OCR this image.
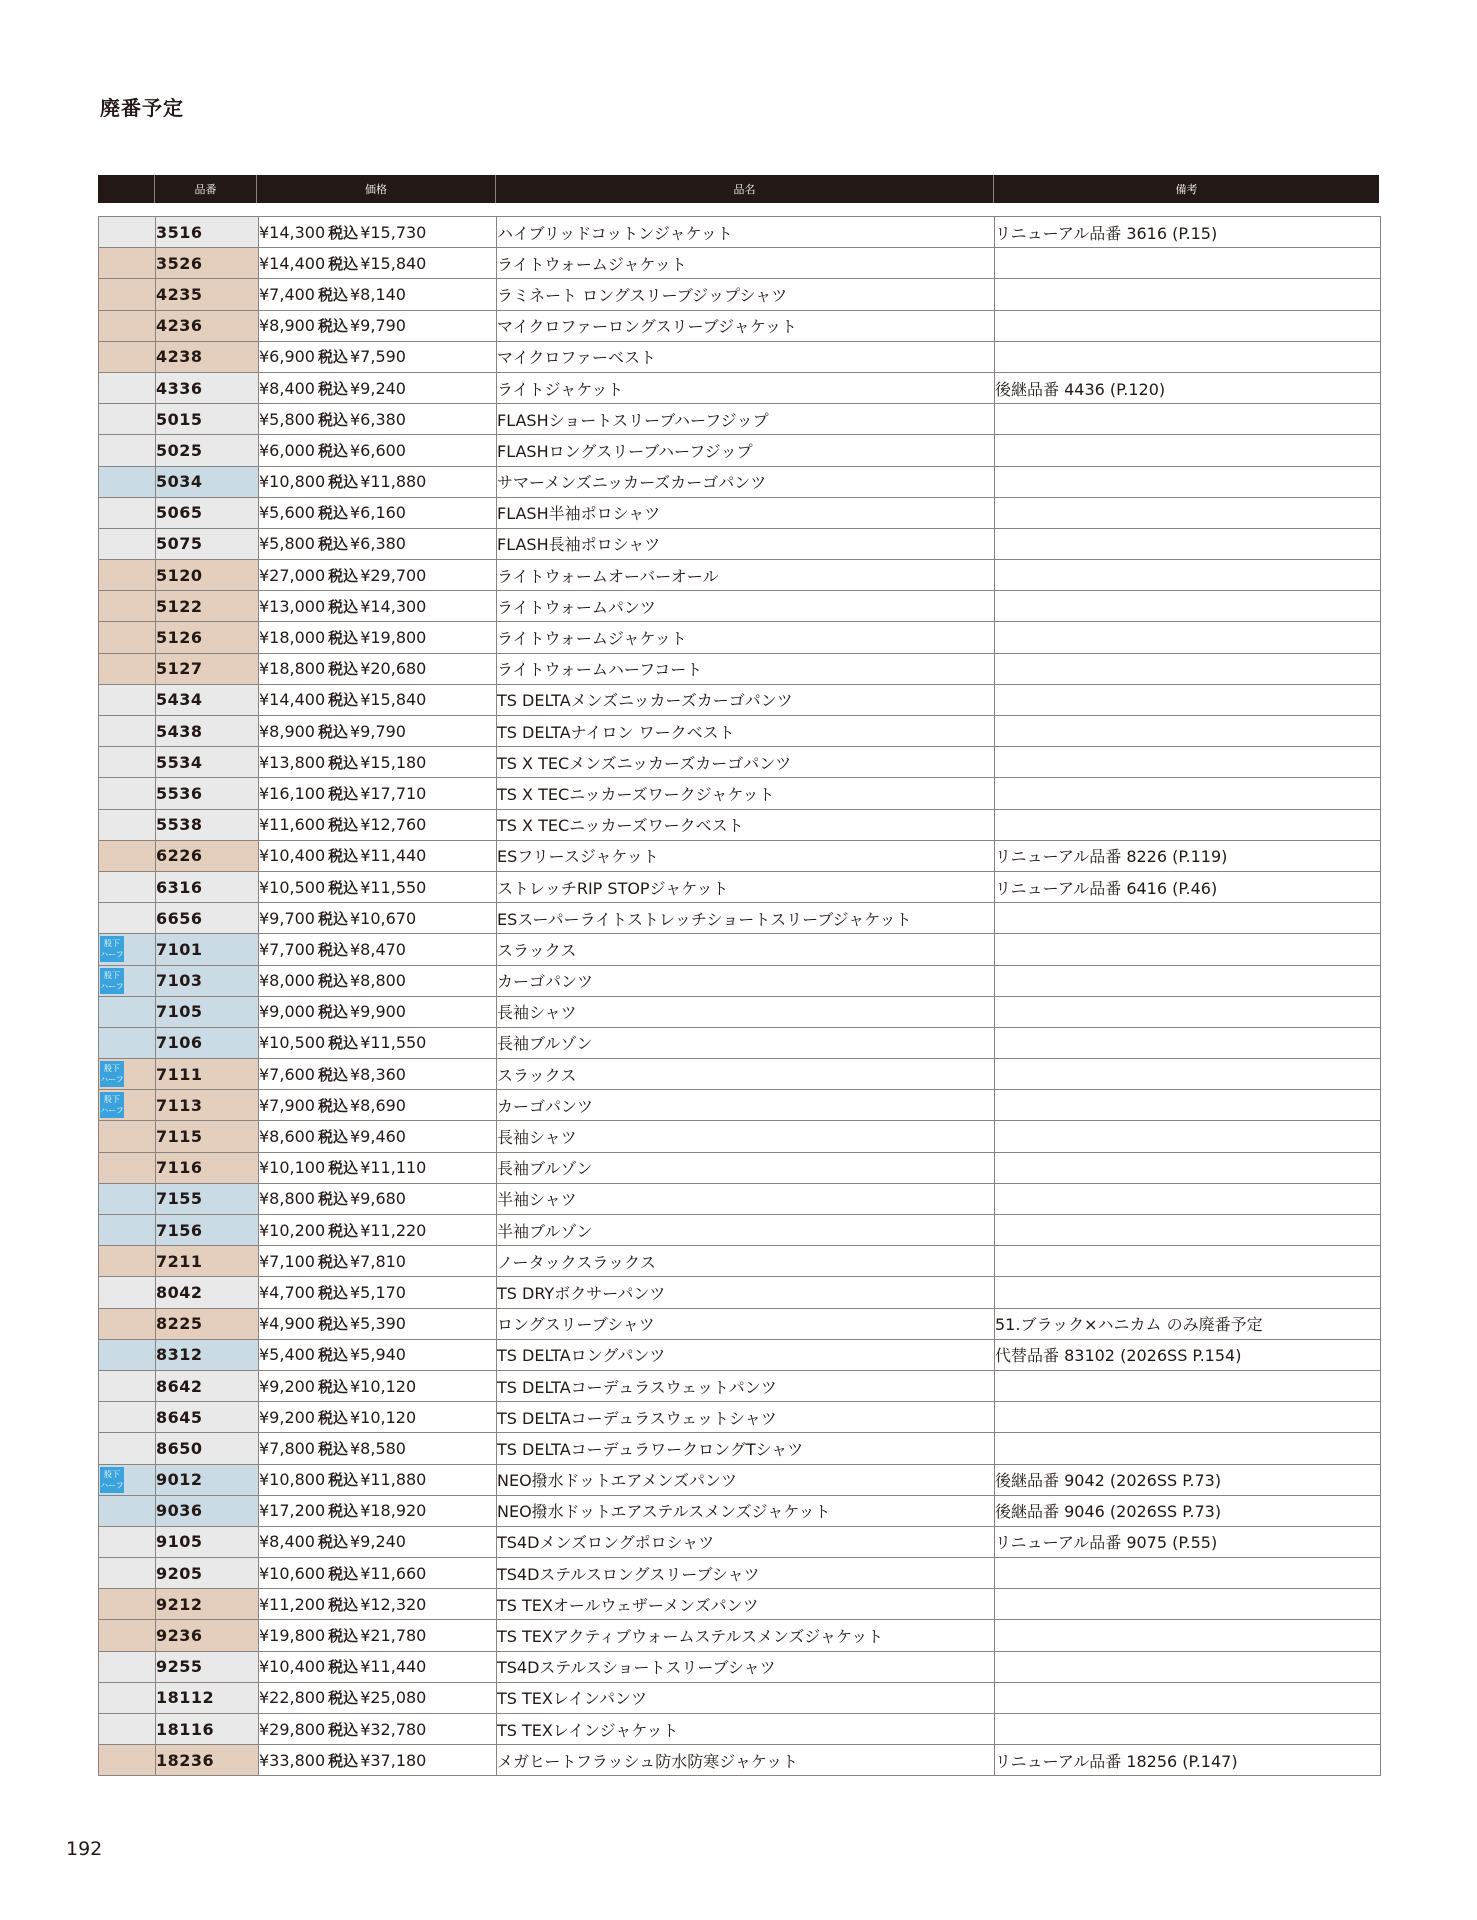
廃番予定
品番	価格	品名	備考
	3516	¥14,300 税込 ¥15,730	ハイブリッドコットンジャケット	リニューアル品番 3616 (P.15)
	3526	¥14,400 税込 ¥15,840	ライトウォームジャケット	
	4235	¥7,400 税込 ¥8,140	ラミネート ロングスリーブジップシャツ	
	4236	¥8,900 税込 ¥9,790	マイクロファーロングスリーブジャケット	
	4238	¥6,900 税込 ¥7,590	マイクロファーベスト	
	4336	¥8,400 税込 ¥9,240	ライトジャケット	後継品番 4436 (P.120)
	5015	¥5,800 税込 ¥6,380	FLASHショートスリーブハーフジップ	
	5025	¥6,000 税込 ¥6,600	FLASHロングスリーブハーフジップ	
	5034	¥10,800 税込 ¥11,880	サマーメンズニッカーズカーゴパンツ	
	5065	¥5,600 税込 ¥6,160	FLASH半袖ポロシャツ	
	5075	¥5,800 税込 ¥6,380	FLASH長袖ポロシャツ	
	5120	¥27,000 税込 ¥29,700	ライトウォームオーバーオール	
	5122	¥13,000 税込 ¥14,300	ライトウォームパンツ	
	5126	¥18,000 税込 ¥19,800	ライトウォームジャケット	
	5127	¥18,800 税込 ¥20,680	ライトウォームハーフコート	
	5434	¥14,400 税込 ¥15,840	TS DELTAメンズニッカーズカーゴパンツ	
	5438	¥8,900 税込 ¥9,790	TS DELTAナイロン ワークベスト	
	5534	¥13,800 税込 ¥15,180	TS X TECメンズニッカーズカーゴパンツ	
	5536	¥16,100 税込 ¥17,710	TS X TECニッカーズワークジャケット	
	5538	¥11,600 税込 ¥12,760	TS X TECニッカーズワークベスト	
	6226	¥10,400 税込 ¥11,440	ESフリースジャケット	リニューアル品番 8226 (P.119)
	6316	¥10,500 税込 ¥11,550	ストレッチRIP STOPジャケット	リニューアル品番 6416 (P.46)
	6656	¥9,700 税込 ¥10,670	ESスーパーライトストレッチショートスリーブジャケット	

股下
ハーフ	7101	¥7,700 税込 ¥8,470	スラックス	

股下
ハーフ	7103	¥8,000 税込 ¥8,800	カーゴパンツ	
	7105	¥9,000 税込 ¥9,900	長袖シャツ	
	7106	¥10,500 税込 ¥11,550	長袖ブルゾン	

股下
ハーフ	7111	¥7,600 税込 ¥8,360	スラックス	

股下
ハーフ	7113	¥7,900 税込 ¥8,690	カーゴパンツ	
	7115	¥8,600 税込 ¥9,460	長袖シャツ	
	7116	¥10,100 税込 ¥11,110	長袖ブルゾン	
	7155	¥8,800 税込 ¥9,680	半袖シャツ	
	7156	¥10,200 税込 ¥11,220	半袖ブルゾン	
	7211	¥7,100 税込 ¥7,810	ノータックスラックス	
	8042	¥4,700 税込 ¥5,170	TS DRYボクサーパンツ	
	8225	¥4,900 税込 ¥5,390	ロングスリーブシャツ	51.ブラック×ハニカム のみ廃番予定
	8312	¥5,400 税込 ¥5,940	TS DELTAロングパンツ	代替品番 83102 (2026SS P.154)
	8642	¥9,200 税込 ¥10,120	TS DELTAコーデュラスウェットパンツ	
	8645	¥9,200 税込 ¥10,120	TS DELTAコーデュラスウェットシャツ	
	8650	¥7,800 税込 ¥8,580	TS DELTAコーデュラワークロングTシャツ	

股下
ハーフ	9012	¥10,800 税込 ¥11,880	NEO撥水ドットエアメンズパンツ	後継品番 9042 (2026SS P.73)
	9036	¥17,200 税込 ¥18,920	NEO撥水ドットエアステルスメンズジャケット	後継品番 9046 (2026SS P.73)
	9105	¥8,400 税込 ¥9,240	TS4Dメンズロングポロシャツ	リニューアル品番 9075 (P.55)
	9205	¥10,600 税込 ¥11,660	TS4Dステルスロングスリーブシャツ	
	9212	¥11,200 税込 ¥12,320	TS TEXオールウェザーメンズパンツ	
	9236	¥19,800 税込 ¥21,780	TS TEXアクティブウォームステルスメンズジャケット	
	9255	¥10,400 税込 ¥11,440	TS4Dステルスショートスリーブシャツ	
	18112	¥22,800 税込 ¥25,080	TS TEXレインパンツ	
	18116	¥29,800 税込 ¥32,780	TS TEXレインジャケット	
	18236	¥33,800 税込 ¥37,180	メガヒートフラッシュ防水防寒ジャケット	リニューアル品番 18256 (P.147)
192
